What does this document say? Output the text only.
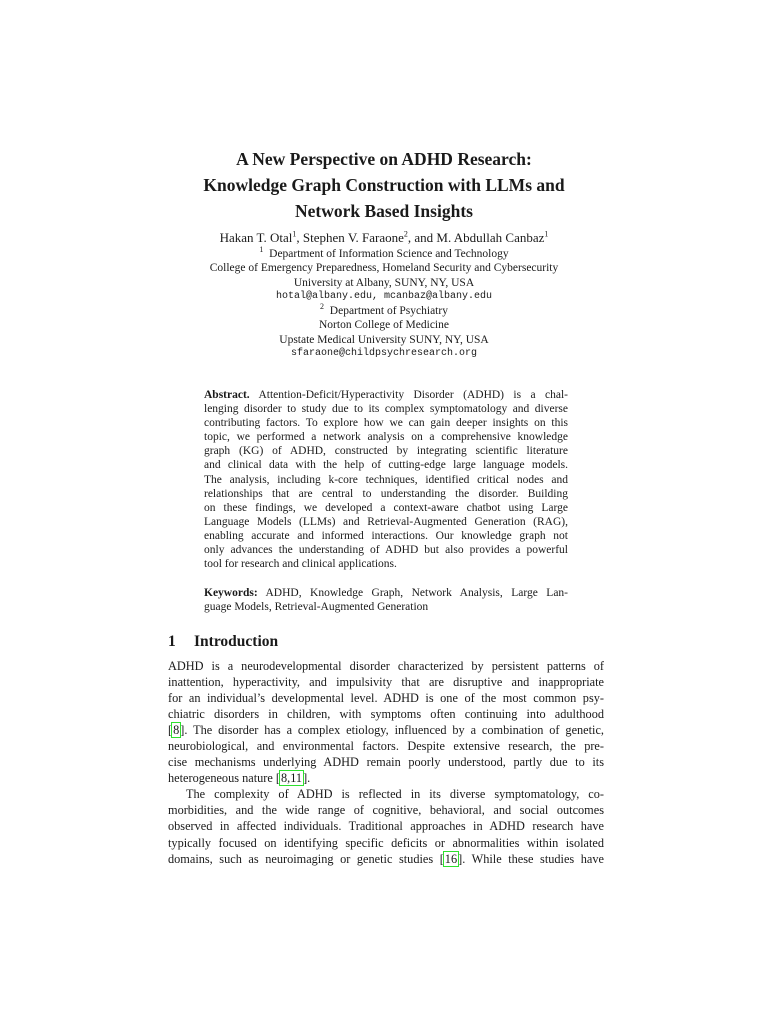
A New Perspective on ADHD Research:
Knowledge Graph Construction with LLMs and
Network Based Insights
Hakan T. Otal$^1$, Stephen V. Faraone$^2$, and M. Abdullah Canbaz$^1$
$^1$ Department of Information Science and Technology
College of Emergency Preparedness, Homeland Security and Cybersecurity
University at Albany, SUNY, NY, USA
hotal@albany.edu, mcanbaz@albany.edu
$^2$ Department of Psychiatry
Norton College of Medicine
Upstate Medical University SUNY, NY, USA
sfaraone@childpsychresearch.org
Abstract. Attention-Deficit/Hyperactivity Disorder (ADHD) is a chal-
lenging disorder to study due to its complex symptomatology and diverse
contributing factors. To explore how we can gain deeper insights on this
topic, we performed a network analysis on a comprehensive knowledge
graph (KG) of ADHD, constructed by integrating scientific literature
and clinical data with the help of cutting-edge large language models.
The analysis, including k-core techniques, identified critical nodes and
relationships that are central to understanding the disorder. Building
on these findings, we developed a context-aware chatbot using Large
Language Models (LLMs) and Retrieval-Augmented Generation (RAG),
enabling accurate and informed interactions. Our knowledge graph not
only advances the understanding of ADHD but also provides a powerful
tool for research and clinical applications.
Keywords: ADHD, Knowledge Graph, Network Analysis, Large Lan-
guage Models, Retrieval-Augmented Generation
1 Introduction
ADHD is a neurodevelopmental disorder characterized by persistent patterns of
inattention, hyperactivity, and impulsivity that are disruptive and inappropriate
for an individual’s developmental level. ADHD is one of the most common psy-
chiatric disorders in children, with symptoms often continuing into adulthood
[8]. The disorder has a complex etiology, influenced by a combination of genetic,
neurobiological, and environmental factors. Despite extensive research, the pre-
cise mechanisms underlying ADHD remain poorly understood, partly due to its
heterogeneous nature [8,11].
The complexity of ADHD is reflected in its diverse symptomatology, co-
morbidities, and the wide range of cognitive, behavioral, and social outcomes
observed in affected individuals. Traditional approaches in ADHD research have
typically focused on identifying specific deficits or abnormalities within isolated
domains, such as neuroimaging or genetic studies [16]. While these studies have
